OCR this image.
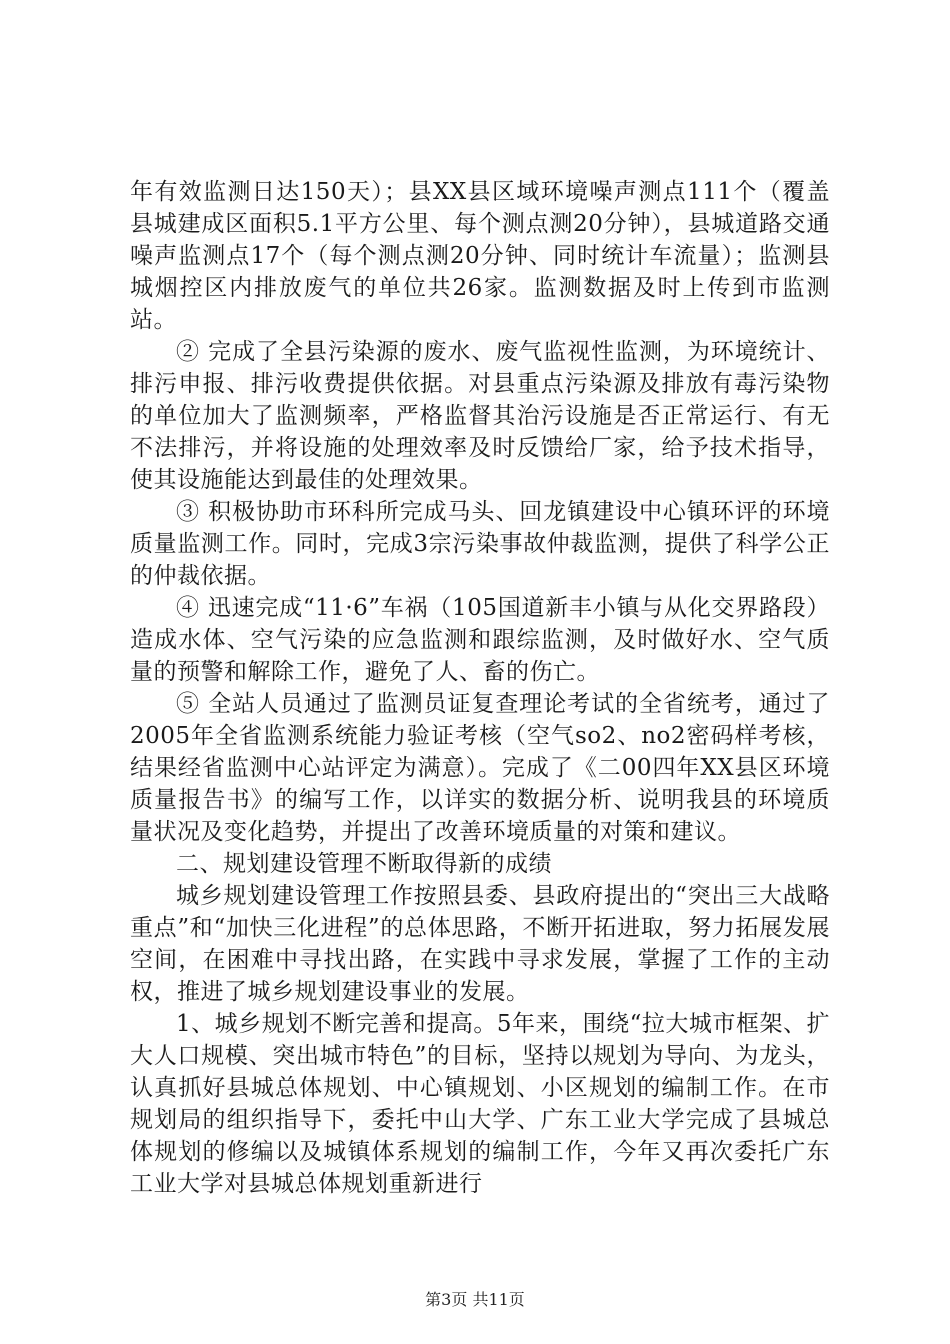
年有效监测日达150天）；县XX县区域环境噪声测点111个（覆盖县城建成区面积5.1平方公里、每个测点测20分钟），县城道路交通噪声监测点17个（每个测点测20分钟、同时统计车流量）；监测县城烟控区内排放废气的单位共26家。监测数据及时上传到市监测站。

② 完成了全县污染源的废水、废气监视性监测，为环境统计、排污申报、排污收费提供依据。对县重点污染源及排放有毒污染物的单位加大了监测频率，严格监督其治污设施是否正常运行、有无不法排污，并将设施的处理效率及时反馈给厂家，给予技术指导，使其设施能达到最佳的处理效果。

③ 积极协助市环科所完成马头、回龙镇建设中心镇环评的环境质量监测工作。同时，完成3宗污染事故仲裁监测，提供了科学公正的仲裁依据。

④ 迅速完成“11·6”车祸（105国道新丰小镇与从化交界路段）造成水体、空气污染的应急监测和跟综监测，及时做好水、空气质量的预警和解除工作，避免了人、畜的伤亡。

⑤ 全站人员通过了监测员证复查理论考试的全省统考，通过了2005年全省监测系统能力验证考核（空气so2、no2密码样考核，结果经省监测中心站评定为满意）。完成了《二00四年XX县区环境质量报告书》的编写工作，以详实的数据分析、说明我县的环境质量状况及变化趋势，并提出了改善环境质量的对策和建议。

二、规划建设管理不断取得新的成绩

城乡规划建设管理工作按照县委、县政府提出的“突出三大战略重点”和“加快三化进程”的总体思路，不断开拓进取，努力拓展发展空间，在困难中寻找出路，在实践中寻求发展，掌握了工作的主动权，推进了城乡规划建设事业的发展。

1、城乡规划不断完善和提高。5年来，围绕“拉大城市框架、扩大人口规模、突出城市特色”的目标，坚持以规划为导向、为龙头，认真抓好县城总体规划、中心镇规划、小区规划的编制工作。在市规划局的组织指导下，委托中山大学、广东工业大学完成了县城总体规划的修编以及城镇体系规划的编制工作，今年又再次委托广东工业大学对县城总体规划重新进行

第3页 共11页
